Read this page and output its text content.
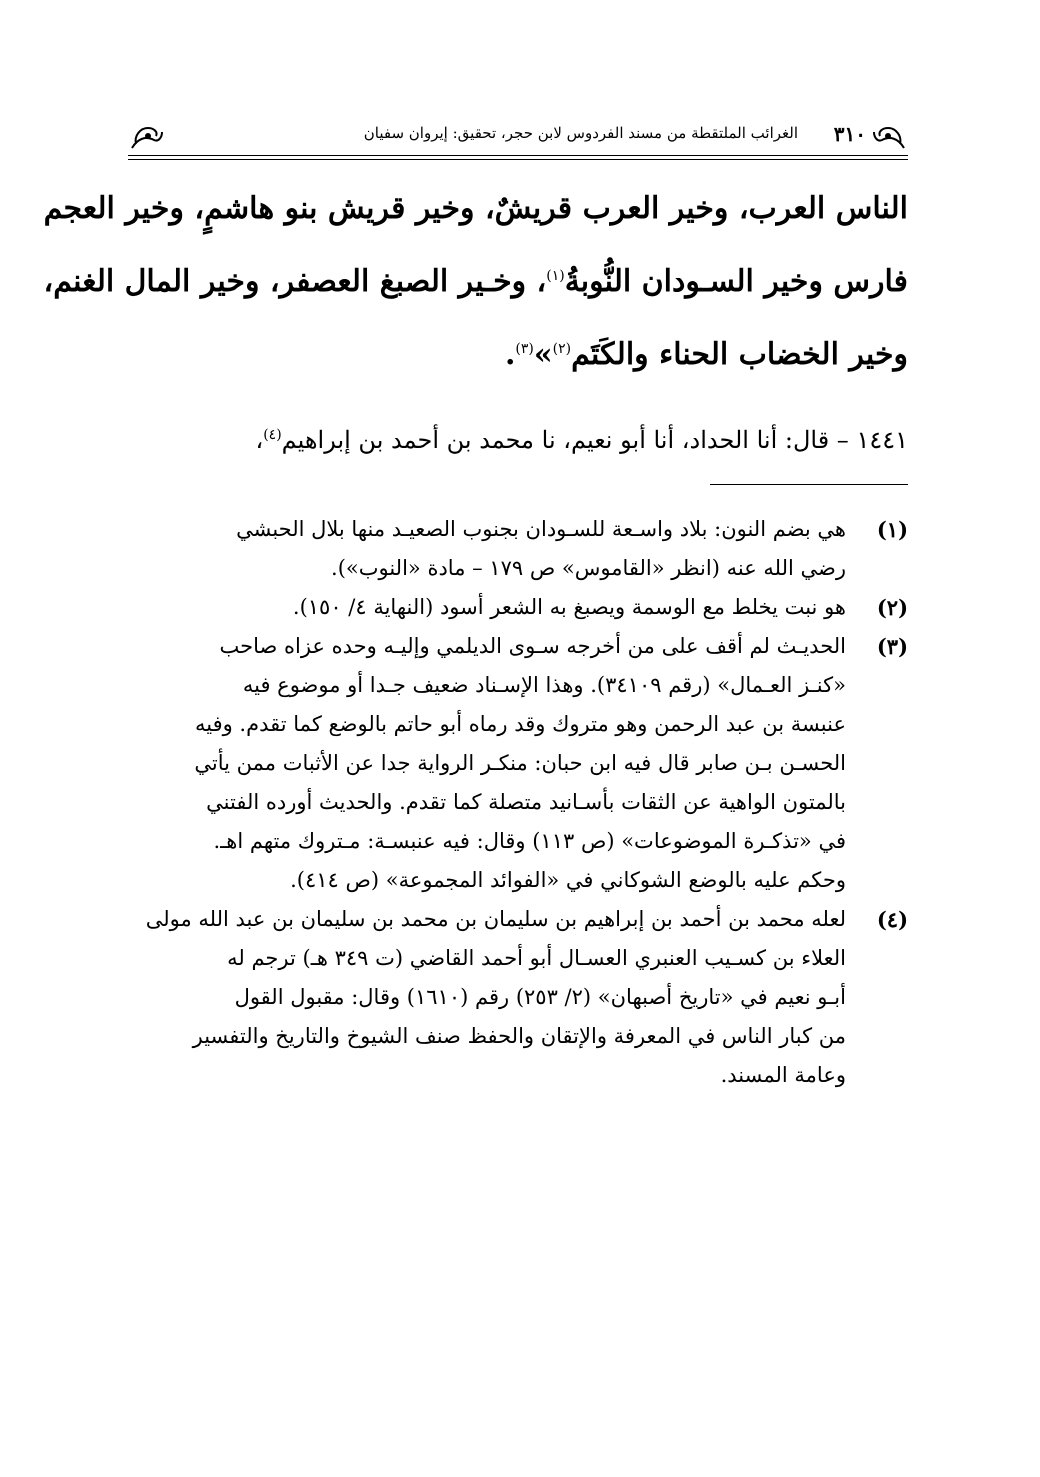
الغرائب الملتقطة من مسند الفردوس لابن حجر، تحقيق: إيروان سفيان ٣١٠
الناس العرب، وخير العرب قريشٌ، وخير قريش بنو هاشمٍ، وخير العجم
فارس وخير السـودان النُّوبةُ$^{(١)}$، وخـير الصبغ العصفر، وخير المال الغنم،
وخير الخضاب الحناء والكَتَم$^{(٢)}$»$^{(٣)}$.
١٤٤١ – قال: أنا الحداد، أنا أبو نعيم، نا محمد بن أحمد بن إبراهيم$^{(٤)}$،
(١)
هي بضم النون: بلاد واسـعة للسـودان بجنوب الصعيـد منها بلال الحبشي
رضي الله عنه (انظر «القاموس» ص ١٧٩ – مادة «النوب»).
(٢)
هو نبت يخلط مع الوسمة ويصبغ به الشعر أسود (النهاية ٤/ ١٥٠).
(٣)
الحديـث لم أقف على من أخرجه سـوى الديلمي وإليـه وحده عزاه صاحب
«كنـز العـمال» (رقم ٣٤١٠٩). وهذا الإسـناد ضعيف جـدا أو موضوع فيه
عنبسة بن عبد الرحمن وهو متروك وقد رماه أبو حاتم بالوضع كما تقدم. وفيه
الحسـن بـن صابر قال فيه ابن حبان: منكـر الرواية جدا عن الأثبات ممن يأتي
بالمتون الواهية عن الثقات بأسـانيد متصلة كما تقدم. والحديث أورده الفتني
في «تذكـرة الموضوعات» (ص ١١٣) وقال: فيه عنبسـة: مـتروك متهم اهـ.
وحكم عليه بالوضع الشوكاني في «الفوائد المجموعة» (ص ٤١٤).
(٤)
لعله محمد بن أحمد بن إبراهيم بن سليمان بن محمد بن سليمان بن عبد الله مولى
العلاء بن كسـيب العنبري العسـال أبو أحمد القاضي (ت ٣٤٩ هـ) ترجم له
أبـو نعيم في «تاريخ أصبهان» (٢/ ٢٥٣) رقم (١٦١٠) وقال: مقبول القول
من كبار الناس في المعرفة والإتقان والحفظ صنف الشيوخ والتاريخ والتفسير
وعامة المسند.
